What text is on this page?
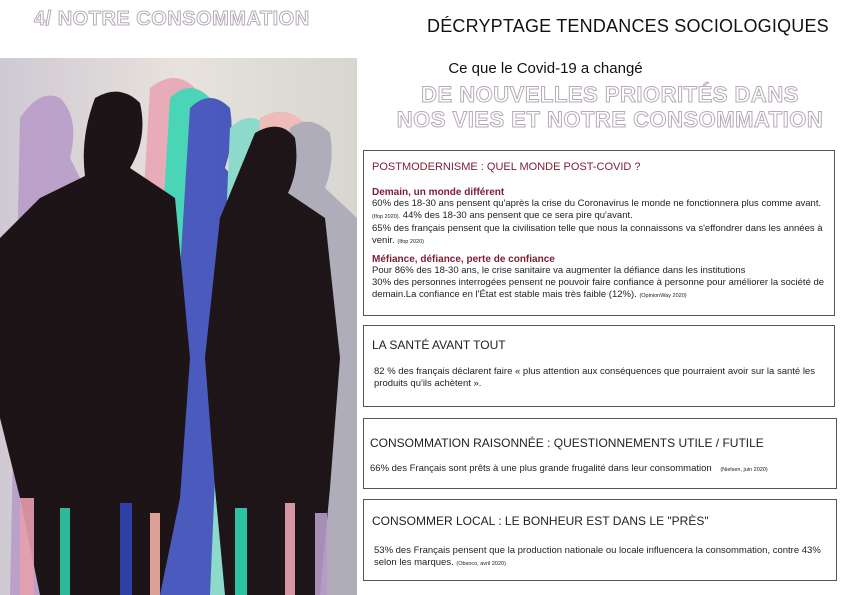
4/ NOTRE CONSOMMATION	DÉCRYPTAGE TENDANCES SOCIOLOGIQUES
Ce que le Covid-19 a changé
DE NOUVELLES PRIORITÉS DANS
NOS VIES ET NOTRE CONSOMMATION
POSTMODERNISME : QUEL MONDE POST-COVID ?
Demain, un monde différent

60% des 18-30 ans pensent qu'après la crise du Coronavirus le monde ne fonctionnera plus comme avant. (Ifop 2020). 44% des 18-30 ans pensent que ce sera pire qu'avant.

65% des français pensent que la civilisation telle que nous la connaissons va s'effondrer dans les années à venir. (Ifop 2020)

Méfiance, défiance, perte de confiance

Pour 86% des 18-30 ans, le crise sanitaire va augmenter la défiance dans les institutions

30% des personnes interrogées pensent ne pouvoir faire confiance à personne pour améliorer la société de demain.La confiance en l'État est stable mais très faible (12%). (OpinionWay 2020)

LA SANTÉ AVANT TOUT

82 % des français déclarent faire « plus attention aux conséquences que pourraient avoir sur la santé les produits qu'ils achètent ».

CONSOMMATION RAISONNÉE : QUESTIONNEMENTS UTILE / FUTILE

66% des Français sont prêts à une plus grande frugalité dans leur consommation (Nielsen, juin 2020)

CONSOMMER LOCAL : LE BONHEUR EST DANS LE "PRÈS"

53% des Français pensent que la production nationale ou locale influencera la consommation, contre 43% selon les marques. (Obsoco, avril 2020)
